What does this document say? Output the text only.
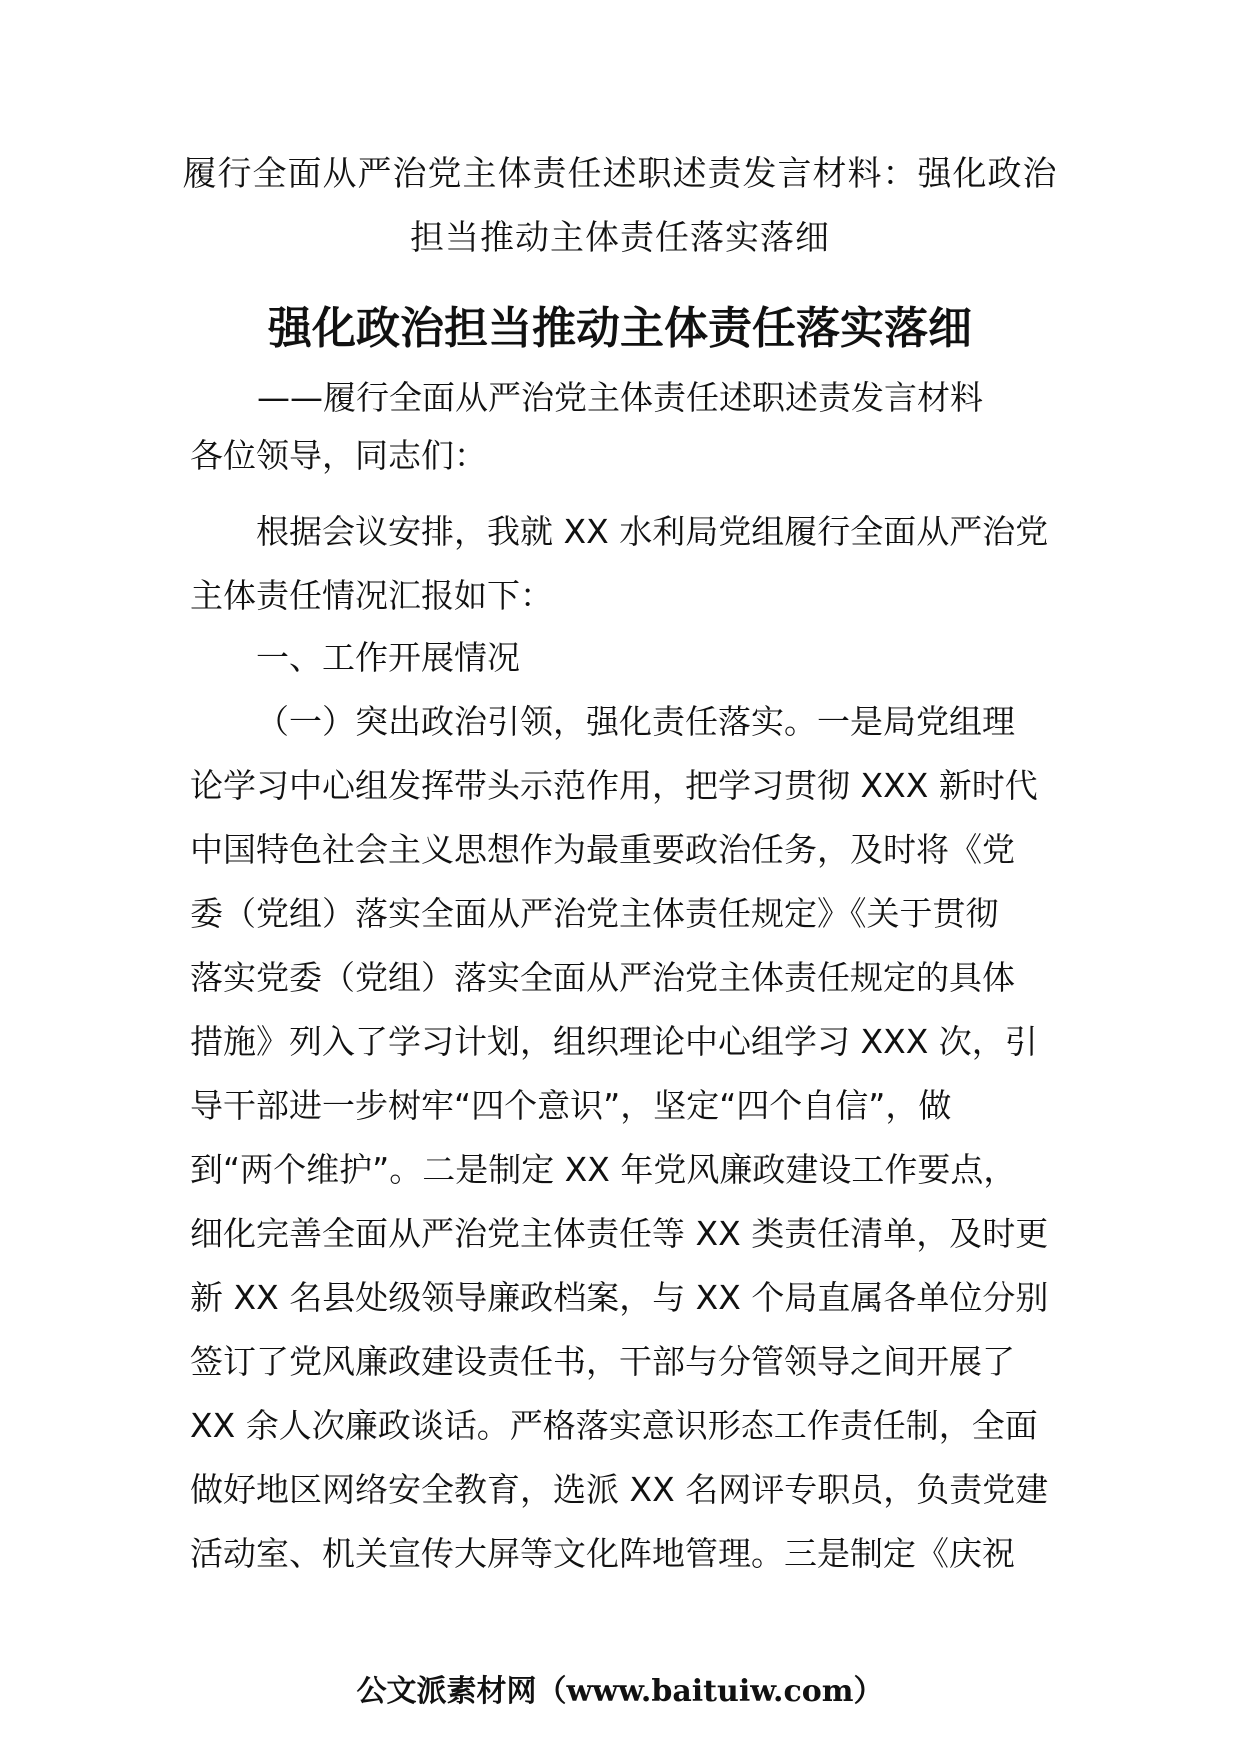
履行全面从严治党主体责任述职述责发言材料：强化政治
担当推动主体责任落实落细
强化政治担当推动主体责任落实落细
——履行全面从严治党主体责任述职述责发言材料
各位领导，同志们：
根据会议安排，我就 XX 水利局党组履行全面从严治党
主体责任情况汇报如下：
一、工作开展情况
（一）突出政治引领，强化责任落实。一是局党组理
论学习中心组发挥带头示范作用，把学习贯彻 XXX 新时代
中国特色社会主义思想作为最重要政治任务，及时将《党
委（党组）落实全面从严治党主体责任规定》《关于贯彻
落实党委（党组）落实全面从严治党主体责任规定的具体
措施》列入了学习计划，组织理论中心组学习 XXX 次，引
导干部进一步树牢“四个意识”，坚定“四个自信”，做
到“两个维护”。二是制定 XX 年党风廉政建设工作要点，
细化完善全面从严治党主体责任等 XX 类责任清单，及时更
新 XX 名县处级领导廉政档案，与 XX 个局直属各单位分别
签订了党风廉政建设责任书，干部与分管领导之间开展了
XX 余人次廉政谈话。严格落实意识形态工作责任制，全面
做好地区网络安全教育，选派 XX 名网评专职员，负责党建
活动室、机关宣传大屏等文化阵地管理。三是制定《庆祝
公文派素材网（www.baituiw.com）
